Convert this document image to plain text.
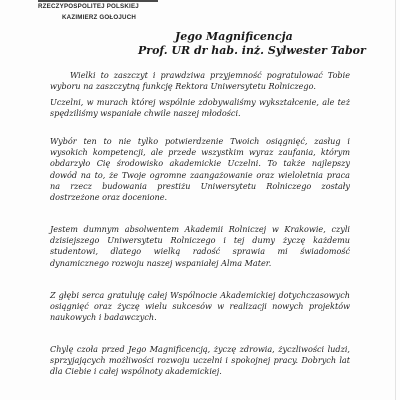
RZECZYPOSPOLITEJ POLSKIEJ
KAZIMIERZ GOŁOJUCH
Jego Magnificencja
Prof. UR dr hab. inż. Sylwester Tabor

Wielki to zaszczyt i prawdziwa przyjemność pogratulować Tobie wyboru na zaszczytną funkcję Rektora Uniwersytetu Rolniczego.

Uczelni, w murach której wspólnie zdobywaliśmy wykształcenie, ale też spędziliśmy wspaniałe chwile naszej młodości.

Wybór ten to nie tylko potwierdzenie Twoich osiągnięć, zasług i wysokich kompetencji, ale przede wszystkim wyraz zaufania, którym obdarzyło Cię środowisko akademickie Uczelni. To także najlepszy dowód na to, że Twoje ogromne zaangażowanie oraz wieloletnia praca na rzecz budowania prestiżu Uniwersytetu Rolniczego zostały dostrzeżone oraz docenione.

Jestem dumnym absolwentem Akademii Rolniczej w Krakowie, czyli dzisiejszego Uniwersytetu Rolniczego i tej dumy życzę każdemu studentowi, dlatego wielką radość sprawia mi świadomość dynamicznego rozwoju naszej wspaniałej Alma Mater.

Z głębi serca gratuluję całej Wspólnocie Akademickiej dotychczasowych osiągnięć oraz życzę wielu sukcesów w realizacji nowych projektów naukowych i badawczych.

Chylę czoła przed Jego Magnificencją, życzę zdrowia, życzliwości ludzi, sprzyjających możliwości rozwoju uczelni i spokojnej pracy. Dobrych lat dla Ciebie i całej wspólnoty akademickiej.
